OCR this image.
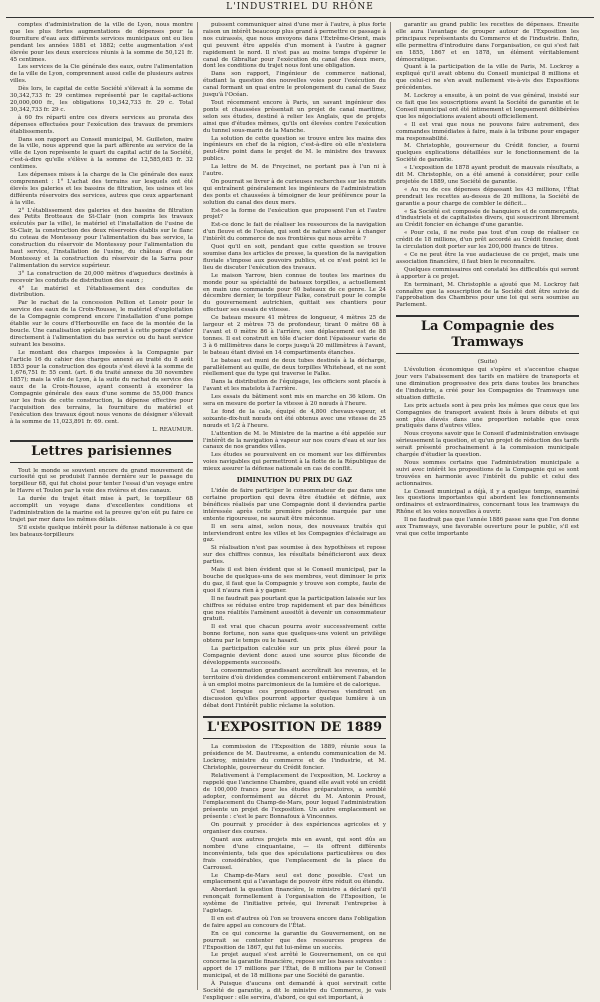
L'INDUSTRIEL DU RHÔNE

comptes d'administration de la ville de Lyon, nous montre que les plus fortes augmentations de dépenses pour la fourniture d'eau aux différents services municipaux ont eu lieu pendant les années 1881 et 1882; cette augmentation s'est élevée pour les deux exercices réunis à la somme de 50,121 fr. 45 centimes.

Les services de la Cie générale des eaux, outre l'alimentation de la ville de Lyon, comprennent aussi celle de plusieurs autres villes.

Dès lors, le capital de cette Société s'élevait à la somme de 30,342,733 fr. 29 centimes représenté par le capital-actions 20,000,000 fr., les obligations 10,342,733 fr. 29 c. Total 30,342,733 fr. 29 c.

à 60 frs réparti entre ces divers services au prorata des dépenses effectuées pour l'exécution des travaux de premiers établissements.

Dans son rapport au Conseil municipal, M. Guilleton, maire de la ville, nous apprend que la part afférente au service de la ville de Lyon représente le quart du capital actif de la Société, c'est-à-dire qu'elle s'élève à la somme de 12,585,683 fr. 32 centimes.

Les dépenses mises à la charge de la Cie générale des eaux comprennent : 1° L'achat des terrains sur lesquels ont été élevés les galeries et les bassins de filtration, les usines et les différents réservoirs des services, autres que ceux appartenant à la ville.

2° L'établissement des galeries et des bassins de filtration des Petits Brotteaux de St-Clair (non compris les travaux exécutés par la ville), le matériel et l'installation de l'usine de St-Clair, la construction des deux réservoirs établis sur le flanc du coteau de Montessuy pour l'alimentation du bas service, la construction du réservoir de Montessuy pour l'alimentation du haut service, l'installation de l'usine, du château d'eau de Montessuy et la construction du réservoir de la Sarra pour l'alimentation du service supérieur.

3° La construction de 20,000 mètres d'aqueducs destinés à recevoir les conduits de distribution des eaux ;

4° Le matériel et l'établissement des conduites de distribution.

Par le rachat de la concession Pellion et Lenoir pour le service des eaux de la Croix-Rousse, le matériel d'exploitation de la Compagnie comprend encore l'installation d'une pompe établie sur le cours d'Herbouville en face de la montée de la boucle. Une canalisation spéciale permet à cette pompe d'aider directement à l'alimentation du bas service ou du haut service suivant les besoins.

Le montant des charges imposées à la Compagnie par l'article 16 du cahier des charges annexé au traité du 8 août 1853 pour la construction des égouts s'est élevé à la somme de 1,676,751 fr. 55 cent. (art. 6 du traité annexe du 30 novembre 1857); mais la ville de Lyon, à la suite du rachat du service des eaux de la Croix-Rousse, ayant consenti à exonérer la Compagnie générale des eaux d'une somme de 55,000 francs sur les frais de cette construction, la dépense effective pour l'acquisition des terrains, la fourniture du matériel et l'exécution des travaux égout nous venons de désigner s'élevait à la somme de 11,023,891 fr. 69. cent.

L. REAUMUR.

Lettres parisiennes

Tout le monde se souvient encore du grand mouvement de curiosité qui se produisit l'année dernière sur le passage du torpilleur 68, qui fut choisi pour tenter l'essai d'un voyage entre le Havre et Toulon par la voie des rivières et des canaux.

La durée du trajet était mise à part, le torpilleur 68 accomplit un voyage dans d'excellentes conditions et l'administration de la marine est la preuve qu'on eût pu faire ce trajet par mer dans les mêmes délais.

S'il existe quelque intérêt pour la défense nationale à ce que les bateaux-torpilleurs

puissent communiquer ainsi d'une mer à l'autre, à plus forte raison un intérêt beaucoup plus grand à permettre ce passage à nos cuirassés, que nous envoyons dans l'Extrême-Orient, mais qui peuvent être appelés d'un moment à l'autre à gagner rapidement le nord. Il n'est pas au moins temps d'opérer le canal de Gibraltar pour l'exécution du canal des deux mers, dont les conditions du trajet nous font une obligation.

Dans son rapport, l'ingénieur de commerce national, étudiant la question des nouvelles voies pour l'exécution du canal formant un quai entre le prolongement du canal de Suez jusqu'à l'Océan.

Tout récemment encore à Paris, un savant ingénieur des ponts et chaussées présentait un projet de canal maritime, selon ses études, destiné à relier les Anglais, que de projets ainsi que d'études mêmes, qu'ils ont élevées contre l'exécution du tunnel sous-marin de la Manche.

La solution de cette question se trouve entre les mains des ingénieurs en chef de la région, c'est-à-dire où elle n'existera peut-être point dans le projet de M. le ministre des travaux publics.

La lettre de M. de Freycinet, ne portant pas à l'un ni à l'autre.

On pourrait se livrer à de curieuses recherches sur les motifs qui entraînent généralement les ingénieurs de l'administration des ponts et chaussées à témoigner de leur préférence pour la solution du canal des deux mers.

Est-ce la forme de l'exécution que proposent l'un et l'autre projet?

Est-ce donc le fait de réaliser les ressources de la navigation d'un fleuve et de l'océan, qui sont de nature absolue à changer l'intérêt du commerce de nos frontières qui nous arrête ?

Quoi qu'il en soit, pendant que cette question se trouve soumise dans les articles de presse, la question de la navigation fluviale s'impose aux pouvoirs publics, et ce n'est point ici le lieu de discuter l'exécution des travaux.

Le maison Yarrow, bien connue de toutes les marines du monde pour sa spécialité de bateaux torpilles, a actuellement en main une commande pour 60 bateaux de ce genre. Le 24 décembre dernier, le torpilleur Falke, construit pour le compte du gouvernement autrichien, quittait ses chantiers pour effectuer ses essais de vitesse.

Ce bateau mesure 41 mètres de longueur, 4 mètres 25 de largeur et 2 mètres 75 de profondeur, tirant 0 mètre 68 à l'avant et 0 mètre 86 à l'arrière, son déplacement est de 88 tonnes. Il est construit en tôle d'acier dont l'épaisseur varie de 3 à 6 millimètres dans le corps jusqu'à 20 millimètres à l'avant, le bateau étant divisé en 14 compartiments étanches.

Le bateau est muni de deux tubes destinés à la décharge, parallèlement au quille, de deux torpilles Whitehead, et ne sont réellement que du type qui traverse le Falke.

Dans la distribution de l'équipage, les officiers sont placés à l'avant et les matelots à l'arrière.

Les essais du bâtiment sont mis en marche en 36 kilom. On sera en mesure de porter la vitesse à 20 nœuds à l'heure.

Le fond de la cale, équipé de 4,800 chevaux-vapeur, et soixante-dix-huit nœuds ont été obtenus avec une vitesse de 25 nœuds et 1/2 à l'heure.

L'attention de M. le Ministre de la marine a été appelée sur l'intérêt de la navigation à vapeur sur nos cours d'eau et sur les canaux de nos grandes villes.

Les études se poursuivent en ce moment sur les différentes voies navigables qui permettront à la flotte de la République de mieux assurer la défense nationale en cas de conflit.

DIMINUTION DU PRIX DU GAZ

L'idée de faire participer le consommateur de gaz dans une certaine proportion qui devra être étudiée et définie, aux bénéfices réalisés par une Compagnie dont il deviendra partie intéressée après cette première période marquée par une entente rigoureuse, ne saurait être méconnue.

Il en sera ainsi, selon nous, des nouveaux traités qui interviendront entre les villes et les Compagnies d'éclairage au gaz.

Si réalisation n'est pas soumise à des hypothèses et repose sur des chiffres connus, les résultats bénéficieront aux deux parties.

Mais il est bien évident que si le Conseil municipal, par la bouche de quelques-uns de ses membres, veut diminuer le prix du gaz, il faut que la Compagnie y trouve son compte, faute de quoi il n'aura rien à y gagner.

Il ne faudrait pas pourtant que la participation laissée sur les chiffres se réduise entre trop rapidement et par des bénéfices que nos réalités l'amènent aussitôt à devenir un consommateur gratuit.

Il est vrai que chacun pourra avoir successivement cette bonne fortune, non sans que quelques-uns voient un privilège obtenu par le temps ou le hasard.

La participation calculée sur un prix plus élevé pour la Compagnie devient donc aussi une source plus féconde de développements successifs.

La consommation grandissant accroîtrait les revenus, et le territoire d'où dividendes commenceront entièrement l'abandon à un emploi moins parcimonieux de la lumière et de calorique.

C'est lorsque ces propositions diverses viendront en discussion qu'elles pourront apporter quelque lumière à un débat dont l'intérêt public réclame la solution.

L'EXPOSITION DE 1889

La commission de l'Exposition de 1889, réunie sous la présidence de M. Dautresme, a entendu communication de M. Lockroy, ministre du commerce et de l'industrie, et M. Christophle, gouverneur du Crédit foncier.

Relativement à l'emplacement de l'exposition, M. Lockroy a rappelé que l'ancienne Chambre, quand elle avait voté un crédit de 100,000 francs pour les études préparatoires, a semblé adopter, conformément au décret du M. Antonin Proust, l'emplacement du Champ-de-Mars, pour lequel l'administration présente un projet de l'exposition. Un autre emplacement se présente : c'est le parc Bonnafoux à Vincennes.

On pourrait y procéder à des expériences agricoles et y organiser des courses.

Quant aux autres projets mis en avant, qui sont dûs au nombre d'une cinquantaine, — ils offrent différents inconvénients, tels que des spéculations particulières ou des frais considérables, que l'emplacement de la place du Carrousel.

Le Champ-de-Mars seul est donc possible. C'est un emplacement qui a l'avantage de pouvoir être réduit ou étendu.

Abordant la question financière, le ministre a déclaré qu'il renonçait formellement à l'organisation de l'Exposition, le système de l'initiative privée, qui livrerait l'entreprise à l'agiotage.

Il en est d'autres où l'on se trouvera encore dans l'obligation de faire appel au concours de l'État.

En ce qui concerne la garantie du Gouvernement, on ne pourrait se contenter que des ressources propres de l'Exposition de 1867, qui fut lui-même un succès.

Le projet auquel s'est arrêté le Gouvernement, on ce qui concerne la garantie financière, repose sur les bases suivantes : apport de 17 millions par l'État, de 8 millions par le Conseil municipal, et de 18 millions par une Société de garantie.

À Puisque d'aucuns ont demandé à quoi servirait cette Société de garantie, a dit le ministre du Commerce, je vais l'expliquer : elle servira, d'abord, ce qui est important, à

garantir au grand public les recettes de dépenses. Ensuite elle aura l'avantage de grouper autour de l'Exposition les principaux représentants du Commerce et de l'industrie. Enfin, elle permettra d'introduire dans l'organisation, ce qui s'est fait en 1855, 1867 et en 1878, un élément véritablement démocratique.

Quant à la participation de la ville de Paris, M. Lockroy a expliqué qu'il avait obtenu du Conseil municipal 8 millions et que celui-ci ne s'en avait nullement vis-à-vis des Expositions précédentes.

M. Lockroy a ensuite, à un point de vue général, insisté sur ce fait que les souscriptions avant la Société de garantie et le Conseil municipal ont été intimement et longuement délibérées que les négociations avaient abouti officiellement.

« Il est vrai que nous ne pouvons faire autrement, des commandes immédiates à faire, mais à la tribune pour engager ma responsabilité.

M. Christophle, gouverneur du Crédit foncier, a fourni quelques explications détaillées sur le fonctionnement de la Société de garantie.

« L'exposition de 1878 ayant produit de mauvais résultats, a dit M. Christophle, on a été amené à considérer, pour celle projetée de 1889, une Société de garantie.

« Au vu de ces dépenses dépassant les 43 millions, l'État prendrait les recettes au-dessus de 20 millions, la Société de garantie a pour charge de combler le déficit...

« Sa Société est composée de banquiers et de commerçants, d'industriels et de capitalistes divers, qui souscriront librement au Crédit foncier en échange d'une garantie.

« Pour cela, il ne reste pas tout d'un coup de réaliser ce crédit de 18 millions, d'un prêt accordé au Crédit foncier, dont la circulation doit porter sur les 200,000 francs de titres.

« Ce ne peut être la vue audacieuse de ce projet, mais une association financière, il faut bien le reconnaître.

Quelques commissaires ont constaté les difficultés qui seront à apporter à ce projet.

En terminant, M. Christophle a ajouté que M. Lockroy fait connaître que la souscription de la Société doit être suivie de l'approbation des Chambres pour une loi qui sera soumise au Parlement.

La Compagnie des Tramways

(Suite)

L'évolution économique qui s'opère et s'accentue chaque jour vers l'abaissement des tarifs en matière de transports et une diminution progressive des prix dans toutes les branches de l'industrie, a créé pour les Compagnies de Tramways une situation difficile.

Les prix actuels sont à peu près les mêmes que ceux que les Compagnies de transport avaient fixés à leurs débuts et qui sont plus élevés dans une proportion notable que ceux pratiqués dans d'autres villes.

Nous croyons savoir que le Conseil d'administration envisage sérieusement la question, et qu'un projet de réduction des tarifs serait présenté prochainement à la commission municipale chargée d'étudier la question.

Nous sommes certains que l'administration municipale a suivi avec intérêt les propositions de la Compagnie qui se sont trouvées en harmonie avec l'intérêt du public et celui des actionnaires.

Le Conseil municipal a déjà, il y a quelque temps, examiné les questions importantes qui abordent les fonctionnements ordinaires et extraordinaires, concernant tous les tramways du Rhône et les voies nouvelles à ouvrir.

Il ne faudrait pas que l'année 1886 passe sans que l'on donne aux Tramways, une favorable ouverture pour le public, s'il est vrai que cette importante
